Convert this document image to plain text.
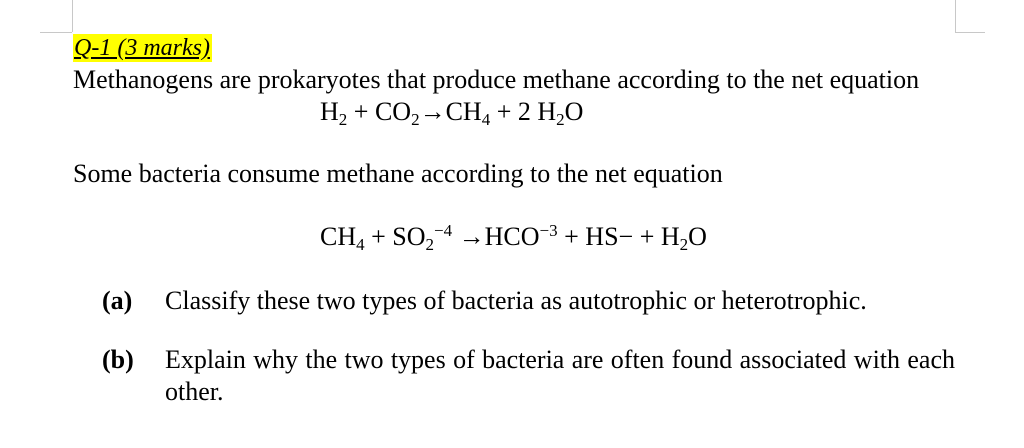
Q-1 (3 marks)
Methanogens are prokaryotes that produce methane according to the net equation
$H_2 + CO_2\to CH_4 + 2$ $H_2O$
Some bacteria consume methane according to the net equation
$CH_4 + SO_2^{-4} \to HCO^{-3} + HS- + H_2O$
(a) Classify these two types of bacteria as autotrophic or heterotrophic.
(b) Explain why the two types of bacteria are often found associated with each other.
